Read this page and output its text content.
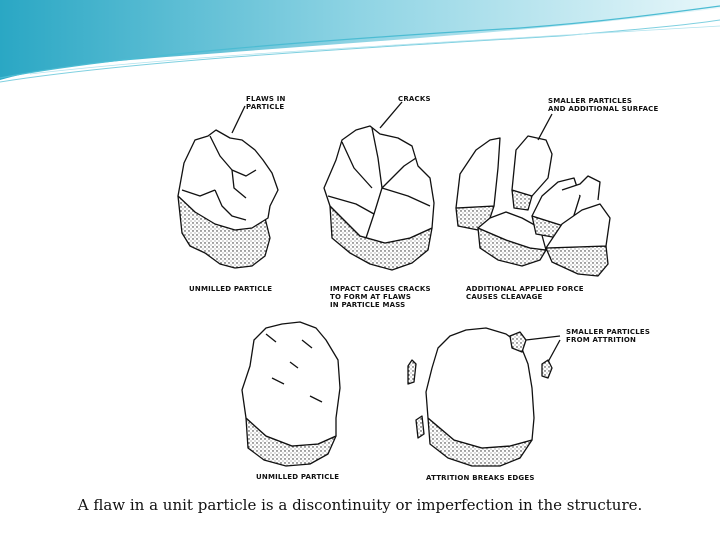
FLAWS IN
PARTICLE
CRACKS	SMALLER PARTICLES
AND ADDITIONAL SURFACE
UNMILLED PARTICLE	IMPACT CAUSES CRACKS
TO FORM AT FLAWS
IN PARTICLE MASS
ADDITIONAL APPLIED FORCE
CAUSES CLEAVAGE
SMALLER PARTICLES
FROM ATTRITION
UNMILLED PARTICLE	ATTRITION BREAKS EDGES
A flaw in a unit particle is a discontinuity or imperfection in the structure.
